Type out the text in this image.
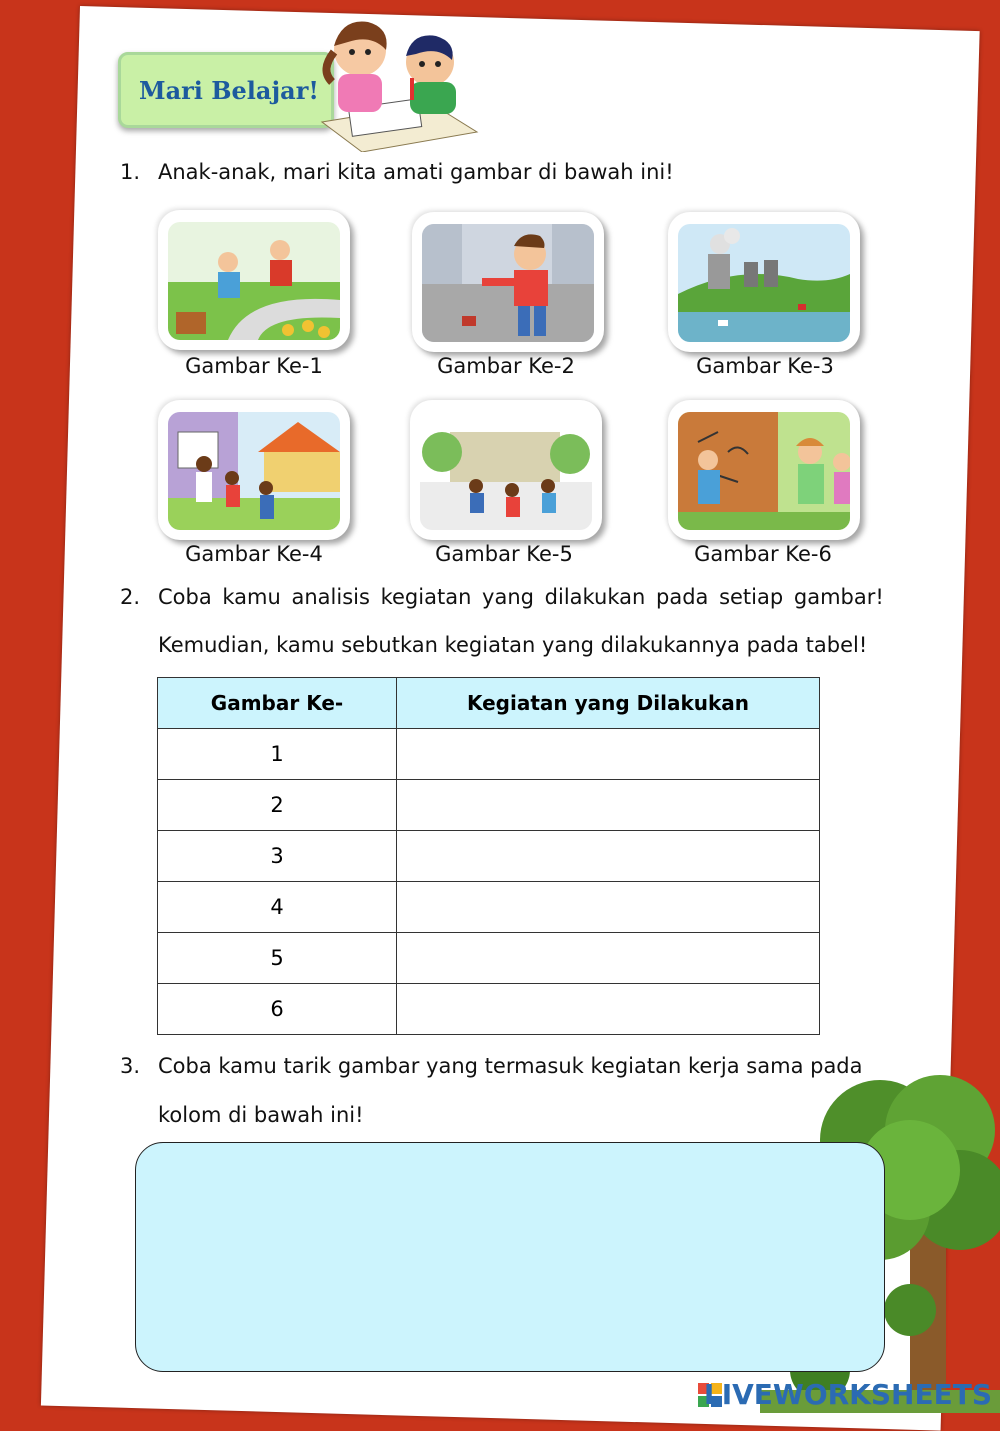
Mari Belajar!
1. Anak-anak, mari kita amati gambar di bawah ini!
Gambar Ke-1	Gambar Ke-2	Gambar Ke-3
Gambar Ke-4	Gambar Ke-5	Gambar Ke-6
2. Coba kamu analisis kegiatan yang dilakukan pada setiap gambar!
Kemudian, kamu sebutkan kegiatan yang dilakukannya pada tabel!
Gambar Ke-	Kegiatan yang Dilakukan
1	
2	
3	
4	
5	
6	
3. Coba kamu tarik gambar yang termasuk kegiatan kerja sama pada
kolom di bawah ini!
LIVEWORKSHEETS
